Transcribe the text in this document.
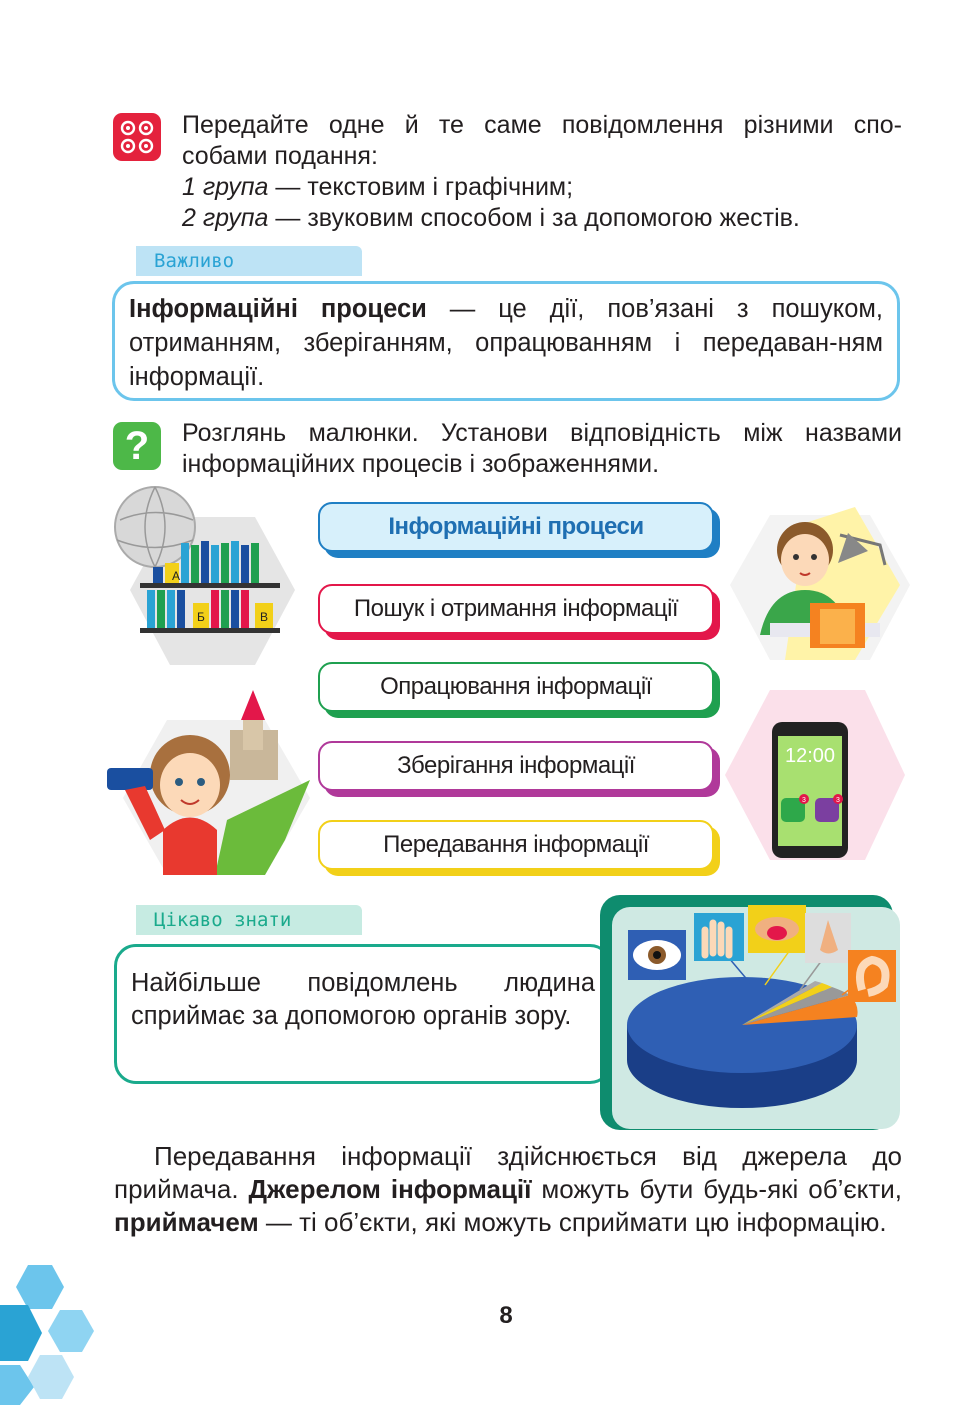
Передайте одне й те саме повідомлення різними спо-
собами подання:
1 група — текстовим і графічним;
2 група — звуковим способом і за допомогою жестів.
Важливо
Інформаційні процеси — це дії, пов’язані з пошуком, отриманням, зберіганням, опрацюванням і передаван-ням інформації.
?	Розглянь малюнки. Установи відповідність між назвами інформаційних процесів і зображеннями.
Інформаційні процеси
Пошук і отримання інформації
Опрацювання інформації
Зберігання інформації
Передавання інформації
А
Б	В
12:00
3	3
Цікаво знати
Найбільше повідомлень людина сприймає за допомогою органів зору.
Передавання інформації здійснюється від джерела до приймача. Джерелом інформації можуть бути будь-які об’єкти, приймачем — ті об’єкти, які можуть сприймати цю інформацію.
8
